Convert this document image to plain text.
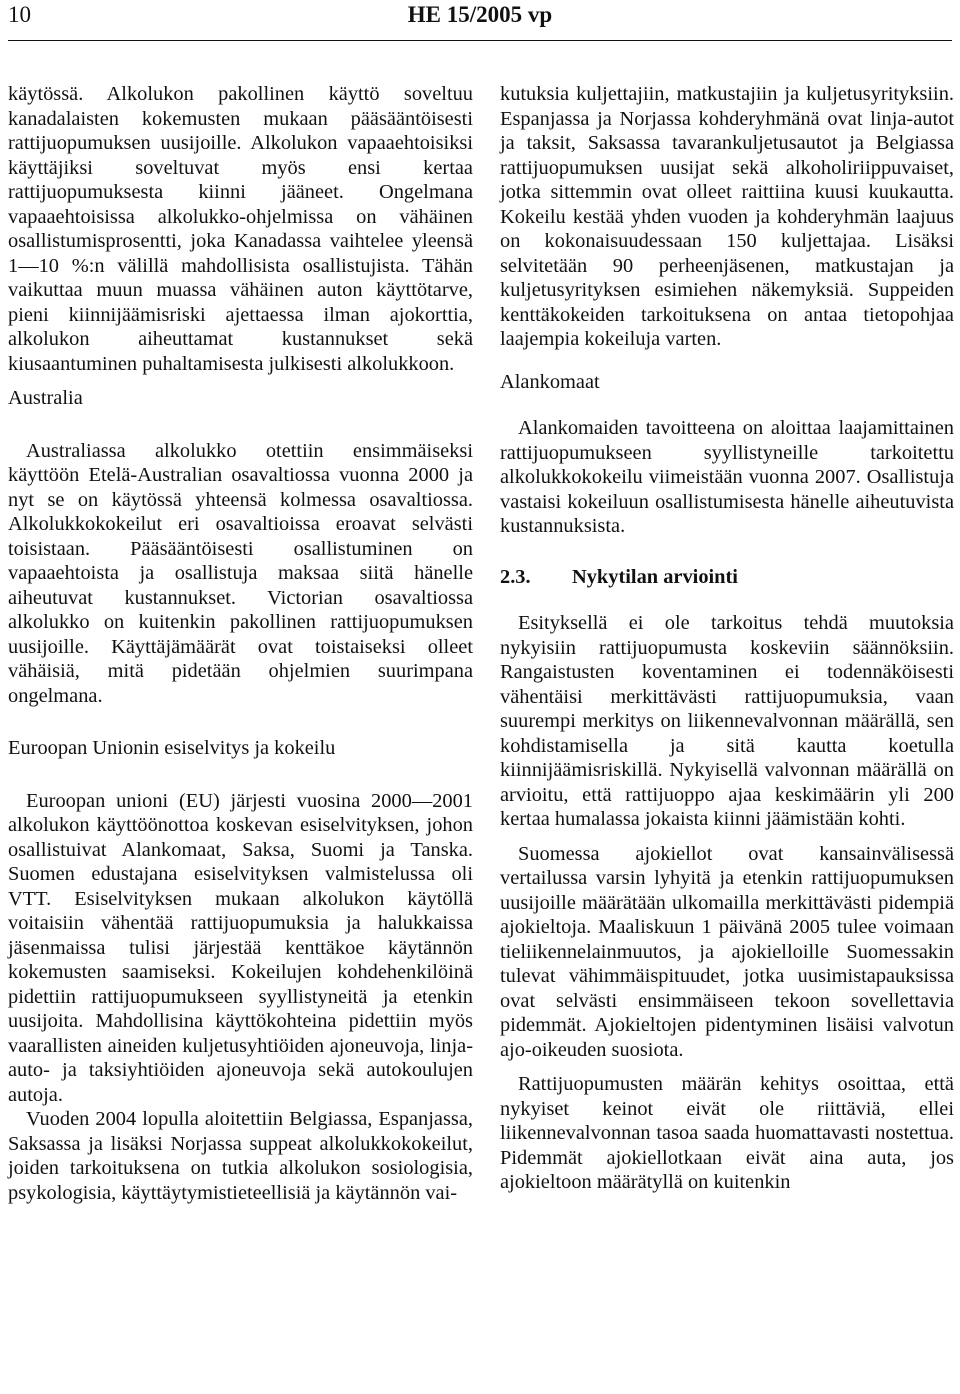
10	HE 15/2005 vp

käytössä. Alkolukon pakollinen käyttö soveltuu kanadalaisten kokemusten mukaan pääsääntöisesti rattijuopumuksen uusijoille. Alkolukon vapaaehtoisiksi käyttäjiksi soveltuvat myös ensi kertaa rattijuopumuksesta kiinni jääneet. Ongelmana vapaaehtoisissa alkolukko-ohjelmissa on vähäinen osallistumisprosentti, joka Kanadassa vaihtelee yleensä 1—10 %:n välillä mahdollisista osallistujista. Tähän vaikuttaa muun muassa vähäinen auton käyttötarve, pieni kiinnijäämisriski ajettaessa ilman ajokorttia, alkolukon aiheuttamat kustannukset sekä kiusaantuminen puhaltamisesta julkisesti alkolukkoon.

Australia

Australiassa alkolukko otettiin ensimmäiseksi käyttöön Etelä-Australian osavaltiossa vuonna 2000 ja nyt se on käytössä yhteensä kolmessa osavaltiossa. Alkolukkokokeilut eri osavaltioissa eroavat selvästi toisistaan. Pääsääntöisesti osallistuminen on vapaaehtoista ja osallistuja maksaa siitä hänelle aiheutuvat kustannukset. Victorian osavaltiossa alkolukko on kuitenkin pakollinen rattijuopumuksen uusijoille. Käyttäjämäärät ovat toistaiseksi olleet vähäisiä, mitä pidetään ohjelmien suurimpana ongelmana.

Euroopan Unionin esiselvitys ja kokeilu

Euroopan unioni (EU) järjesti vuosina 2000—2001 alkolukon käyttöönottoa koskevan esiselvityksen, johon osallistuivat Alankomaat, Saksa, Suomi ja Tanska. Suomen edustajana esiselvityksen valmistelussa oli VTT. Esiselvityksen mukaan alkolukon käytöllä voitaisiin vähentää rattijuopumuksia ja halukkaissa jäsenmaissa tulisi järjestää kenttäkoe käytännön kokemusten saamiseksi. Kokeilujen kohdehenkilöinä pidettiin rattijuopumukseen syyllistyneitä ja etenkin uusijoita. Mahdollisina käyttökohteina pidettiin myös vaarallisten aineiden kuljetusyhtiöiden ajoneuvoja, linja-auto- ja taksiyhtiöiden ajoneuvoja sekä autokoulujen autoja.

Vuoden 2004 lopulla aloitettiin Belgiassa, Espanjassa, Saksassa ja lisäksi Norjassa suppeat alkolukkokokeilut, joiden tarkoituksena on tutkia alkolukon sosiologisia, psykologisia, käyttäytymistieteellisiä ja käytännön vai-

kutuksia kuljettajiin, matkustajiin ja kuljetusyrityksiin. Espanjassa ja Norjassa kohderyhmänä ovat linja-autot ja taksit, Saksassa tavarankuljetusautot ja Belgiassa rattijuopumuksen uusijat sekä alkoholiriippuvaiset, jotka sittemmin ovat olleet raittiina kuusi kuukautta. Kokeilu kestää yhden vuoden ja kohderyhmän laajuus on kokonaisuudessaan 150 kuljettajaa. Lisäksi selvitetään 90 perheenjäsenen, matkustajan ja kuljetusyrityksen esimiehen näkemyksiä. Suppeiden kenttäkokeiden tarkoituksena on antaa tietopohjaa laajempia kokeiluja varten.

Alankomaat

Alankomaiden tavoitteena on aloittaa laajamittainen rattijuopumukseen syyllistyneille tarkoitettu alkolukkokokeilu viimeistään vuonna 2007. Osallistuja vastaisi kokeiluun osallistumisesta hänelle aiheutuvista kustannuksista.

2.3. Nykytilan arviointi

Esityksellä ei ole tarkoitus tehdä muutoksia nykyisiin rattijuopumusta koskeviin säännöksiin. Rangaistusten koventaminen ei todennäköisesti vähentäisi merkittävästi rattijuopumuksia, vaan suurempi merkitys on liikennevalvonnan määrällä, sen kohdistamisella ja sitä kautta koetulla kiinnijäämisriskillä. Nykyisellä valvonnan määrällä on arvioitu, että rattijuoppo ajaa keskimäärin yli 200 kertaa humalassa jokaista kiinni jäämistään kohti.

Suomessa ajokiellot ovat kansainvälisessä vertailussa varsin lyhyitä ja etenkin rattijuopumuksen uusijoille määrätään ulkomailla merkittävästi pidempiä ajokieltoja. Maaliskuun 1 päivänä 2005 tulee voimaan tieliikennelainmuutos, ja ajokielloille Suomessakin tulevat vähimmäispituudet, jotka uusimistapauksissa ovat selvästi ensimmäiseen tekoon sovellettavia pidemmät. Ajokieltojen pidentyminen lisäisi valvotun ajo-oikeuden suosiota.

Rattijuopumusten määrän kehitys osoittaa, että nykyiset keinot eivät ole riittäviä, ellei liikennevalvonnan tasoa saada huomattavasti nostettua. Pidemmät ajokiellotkaan eivät aina auta, jos ajokieltoon määrätyllä on kuitenkin
